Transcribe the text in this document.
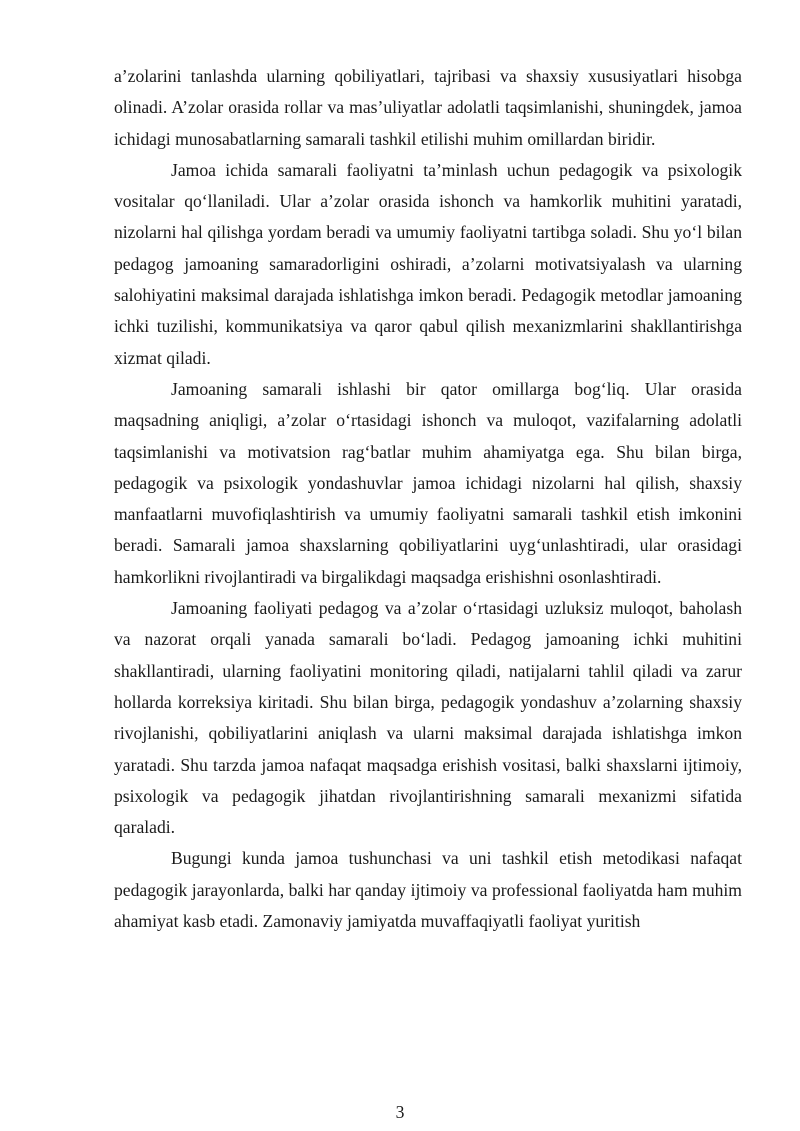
a’zolarini tanlashda ularning qobiliyatlari, tajribasi va shaxsiy xususiyatlari hisobga olinadi. A’zolar orasida rollar va mas’uliyatlar adolatli taqsimlanishi, shuningdek, jamoa ichidagi munosabatlarning samarali tashkil etilishi muhim omillardan biridir.

Jamoa ichida samarali faoliyatni ta’minlash uchun pedagogik va psixologik vositalar qo‘llaniladi. Ular a’zolar orasida ishonch va hamkorlik muhitini yaratadi, nizolarni hal qilishga yordam beradi va umumiy faoliyatni tartibga soladi. Shu yo‘l bilan pedagog jamoaning samaradorligini oshiradi, a’zolarni motivatsiyalash va ularning salohiyatini maksimal darajada ishlatishga imkon beradi. Pedagogik metodlar jamoaning ichki tuzilishi, kommunikatsiya va qaror qabul qilish mexanizmlarini shakllantirishga xizmat qiladi.

Jamoaning samarali ishlashi bir qator omillarga bog‘liq. Ular orasida maqsadning aniqligi, a’zolar o‘rtasidagi ishonch va muloqot, vazifalarning adolatli taqsimlanishi va motivatsion rag‘batlar muhim ahamiyatga ega. Shu bilan birga, pedagogik va psixologik yondashuvlar jamoa ichidagi nizolarni hal qilish, shaxsiy manfaatlarni muvofiqlashtirish va umumiy faoliyatni samarali tashkil etish imkonini beradi. Samarali jamoa shaxslarning qobiliyatlarini uyg‘unlashtiradi, ular orasidagi hamkorlikni rivojlantiradi va birgalikdagi maqsadga erishishni osonlashtiradi.

Jamoaning faoliyati pedagog va a’zolar o‘rtasidagi uzluksiz muloqot, baholash va nazorat orqali yanada samarali bo‘ladi. Pedagog jamoaning ichki muhitini shakllantiradi, ularning faoliyatini monitoring qiladi, natijalarni tahlil qiladi va zarur hollarda korreksiya kiritadi. Shu bilan birga, pedagogik yondashuv a’zolarning shaxsiy rivojlanishi, qobiliyatlarini aniqlash va ularni maksimal darajada ishlatishga imkon yaratadi. Shu tarzda jamoa nafaqat maqsadga erishish vositasi, balki shaxslarni ijtimoiy, psixologik va pedagogik jihatdan rivojlantirishning samarali mexanizmi sifatida qaraladi.

Bugungi kunda jamoa tushunchasi va uni tashkil etish metodikasi nafaqat pedagogik jarayonlarda, balki har qanday ijtimoiy va professional faoliyatda ham muhim ahamiyat kasb etadi. Zamonaviy jamiyatda muvaffaqiyatli faoliyat yuritish

3
